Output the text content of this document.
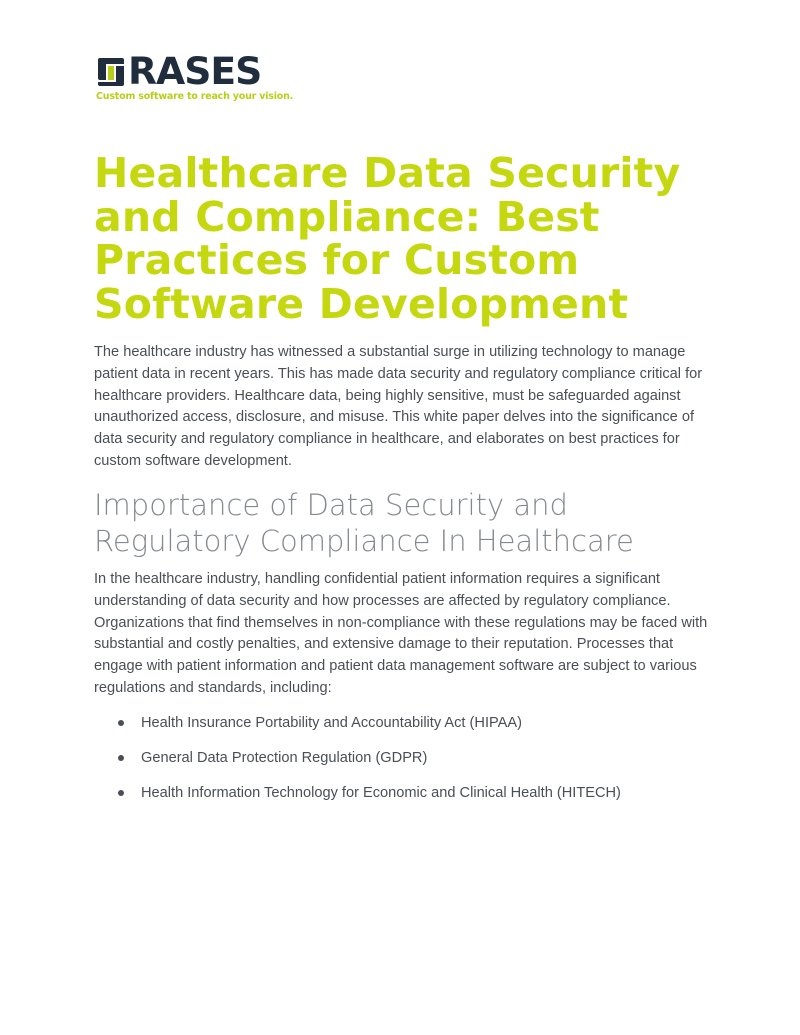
RASES
Custom software to reach your vision.
Healthcare Data Security and Compliance: Best Practices for Custom Software Development

The healthcare industry has witnessed a substantial surge in utilizing technology to manage patient data in recent years. This has made data security and regulatory compliance critical for healthcare providers. Healthcare data, being highly sensitive, must be safeguarded against unauthorized access, disclosure, and misuse. This white paper delves into the significance of data security and regulatory compliance in healthcare, and elaborates on best practices for custom software development.

Importance of Data Security and Regulatory Compliance In Healthcare

In the healthcare industry, handling confidential patient information requires a significant understanding of data security and how processes are affected by regulatory compliance. Organizations that find themselves in non-compliance with these regulations may be faced with substantial and costly penalties, and extensive damage to their reputation. Processes that engage with patient information and patient data management software are subject to various regulations and standards, including:

Health Insurance Portability and Accountability Act (HIPAA)
General Data Protection Regulation (GDPR)
Health Information Technology for Economic and Clinical Health (HITECH)
